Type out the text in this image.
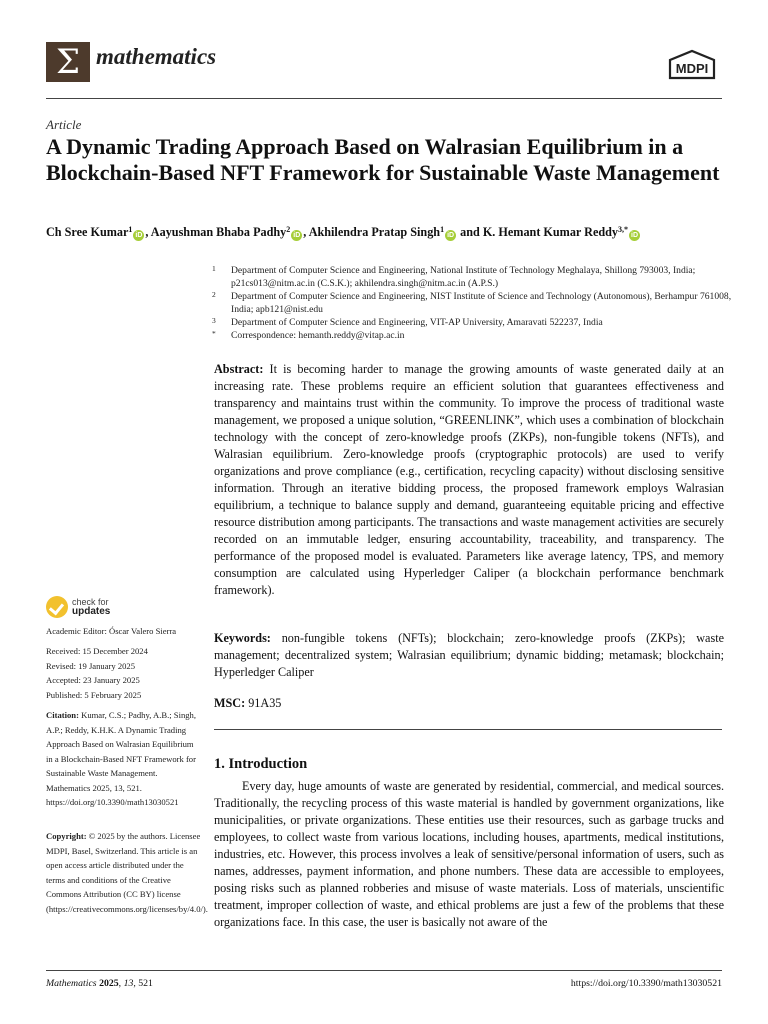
Σ mathematics	MDPI
Article
A Dynamic Trading Approach Based on Walrasian Equilibrium in a Blockchain-Based NFT Framework for Sustainable Waste Management
Ch Sree Kumar$^1$iD , Aayushman Bhaba Padhy$^2$iD , Akhilendra Pratap Singh$^1$iD and K. Hemant Kumar Reddy$^{3,*}$iD
1	Department of Computer Science and Engineering, National Institute of Technology Meghalaya, Shillong 793003, India; p21cs013@nitm.ac.in (C.S.K.); akhilendra.singh@nitm.ac.in (A.P.S.)
2	Department of Computer Science and Engineering, NIST Institute of Science and Technology (Autonomous), Berhampur 761008, India; apb121@nist.edu
3	Department of Computer Science and Engineering, VIT-AP University, Amaravati 522237, India
*	Correspondence: hemanth.reddy@vitap.ac.in
Abstract: It is becoming harder to manage the growing amounts of waste generated daily at an increasing rate. These problems require an efficient solution that guarantees effectiveness and transparency and maintains trust within the community. To improve the process of traditional waste management, we proposed a unique solution, “GREENLINK”, which uses a combination of blockchain technology with the concept of zero-knowledge proofs (ZKPs), non-fungible tokens (NFTs), and Walrasian equilibrium. Zero-knowledge proofs (cryptographic protocols) are used to verify organizations and prove compliance (e.g., certification, recycling capacity) without disclosing sensitive information. Through an iterative bidding process, the proposed framework employs Walrasian equilibrium, a technique to balance supply and demand, guaranteeing equitable pricing and effective resource distribution among participants. The transactions and waste management activities are securely recorded on an immutable ledger, ensuring accountability, traceability, and transparency. The performance of the proposed model is evaluated. Parameters like average latency, TPS, and memory consumption are calculated using Hyperledger Caliper (a blockchain performance benchmark framework).
Keywords: non-fungible tokens (NFTs); blockchain; zero-knowledge proofs (ZKPs); waste management; decentralized system; Walrasian equilibrium; dynamic bidding; metamask; blockchain; Hyperledger Caliper
MSC: 91A35
1. Introduction
Every day, huge amounts of waste are generated by residential, commercial, and medical sources. Traditionally, the recycling process of this waste material is handled by government organizations, like municipalities, or private organizations. These entities use their resources, such as garbage trucks and employees, to collect waste from various locations, including houses, apartments, medical institutions, industries, etc. However, this process involves a leak of sensitive/personal information of users, such as names, addresses, payment information, and phone numbers. These data are accessible to employees, posing risks such as planned robberies and misuse of waste materials. Loss of materials, unscientific treatment, improper collection of waste, and ethical problems are just a few of the problems that these organizations face. In this case, the user is basically not aware of the
check for
updates
Academic Editor: Óscar Valero Sierra
Received: 15 December 2024
Revised: 19 January 2025
Accepted: 23 January 2025
Published: 5 February 2025
Citation: Kumar, C.S.; Padhy, A.B.; Singh, A.P.; Reddy, K.H.K. A Dynamic Trading Approach Based on Walrasian Equilibrium in a Blockchain-Based NFT Framework for Sustainable Waste Management. Mathematics 2025, 13, 521. https://doi.org/10.3390/math13030521
Copyright: © 2025 by the authors. Licensee MDPI, Basel, Switzerland. This article is an open access article distributed under the terms and conditions of the Creative Commons Attribution (CC BY) license (https://creativecommons.org/licenses/by/4.0/).
Mathematics 2025, 13, 521	https://doi.org/10.3390/math13030521
